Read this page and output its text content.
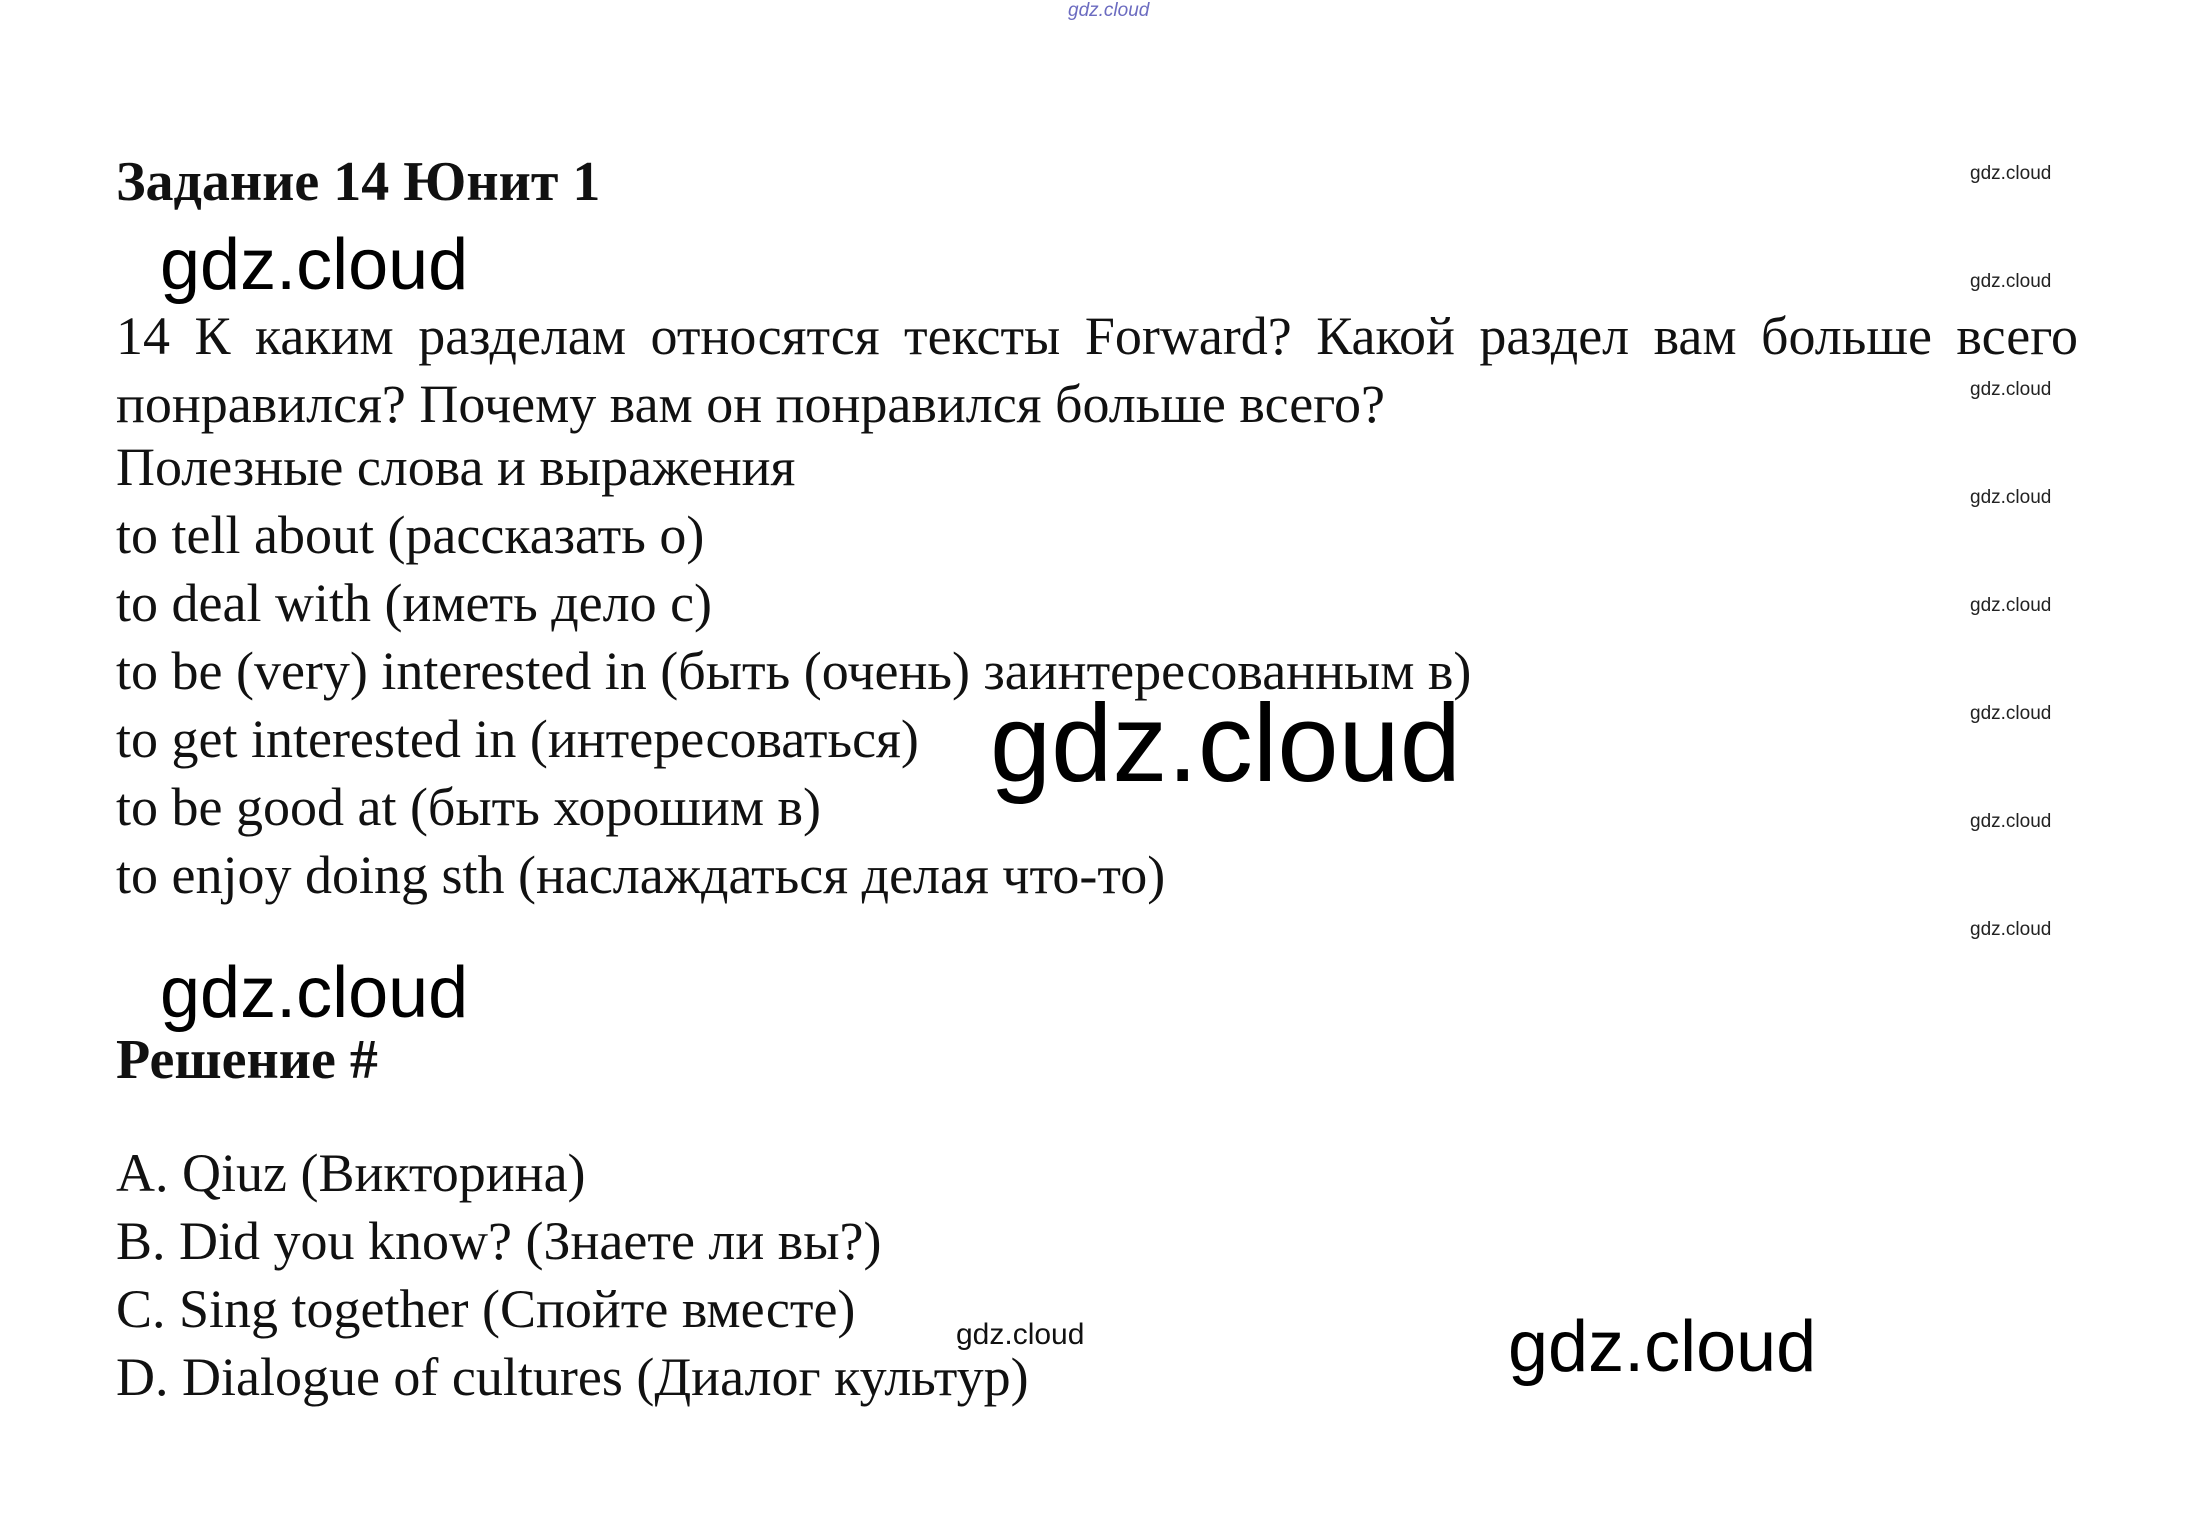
gdz.cloud
Задание 14 Юнит 1
gdz.cloud
14 К каким разделам относятся тексты Forward? Какой раздел вам больше всего понравился? Почему вам он понравился больше всего?
Полезные слова и выражения
to tell about (рассказать о)
to deal with (иметь дело с)
to be (very) interested in (быть (очень) заинтересованным в)
to get interested in (интересоваться)
to be good at (быть хорошим в)
to enjoy doing sth (наслаждаться делая что-то)
gdz.cloud
gdz.cloud
Решение #
A. Qiuz (Викторина)
B. Did you know? (Знаете ли вы?)
C. Sing together (Спойте вместе)
D. Dialogue of cultures (Диалог культур)
gdz.cloud	gdz.cloud
gdz.cloud
gdz.cloud
gdz.cloud
gdz.cloud
gdz.cloud
gdz.cloud
gdz.cloud
gdz.cloud
